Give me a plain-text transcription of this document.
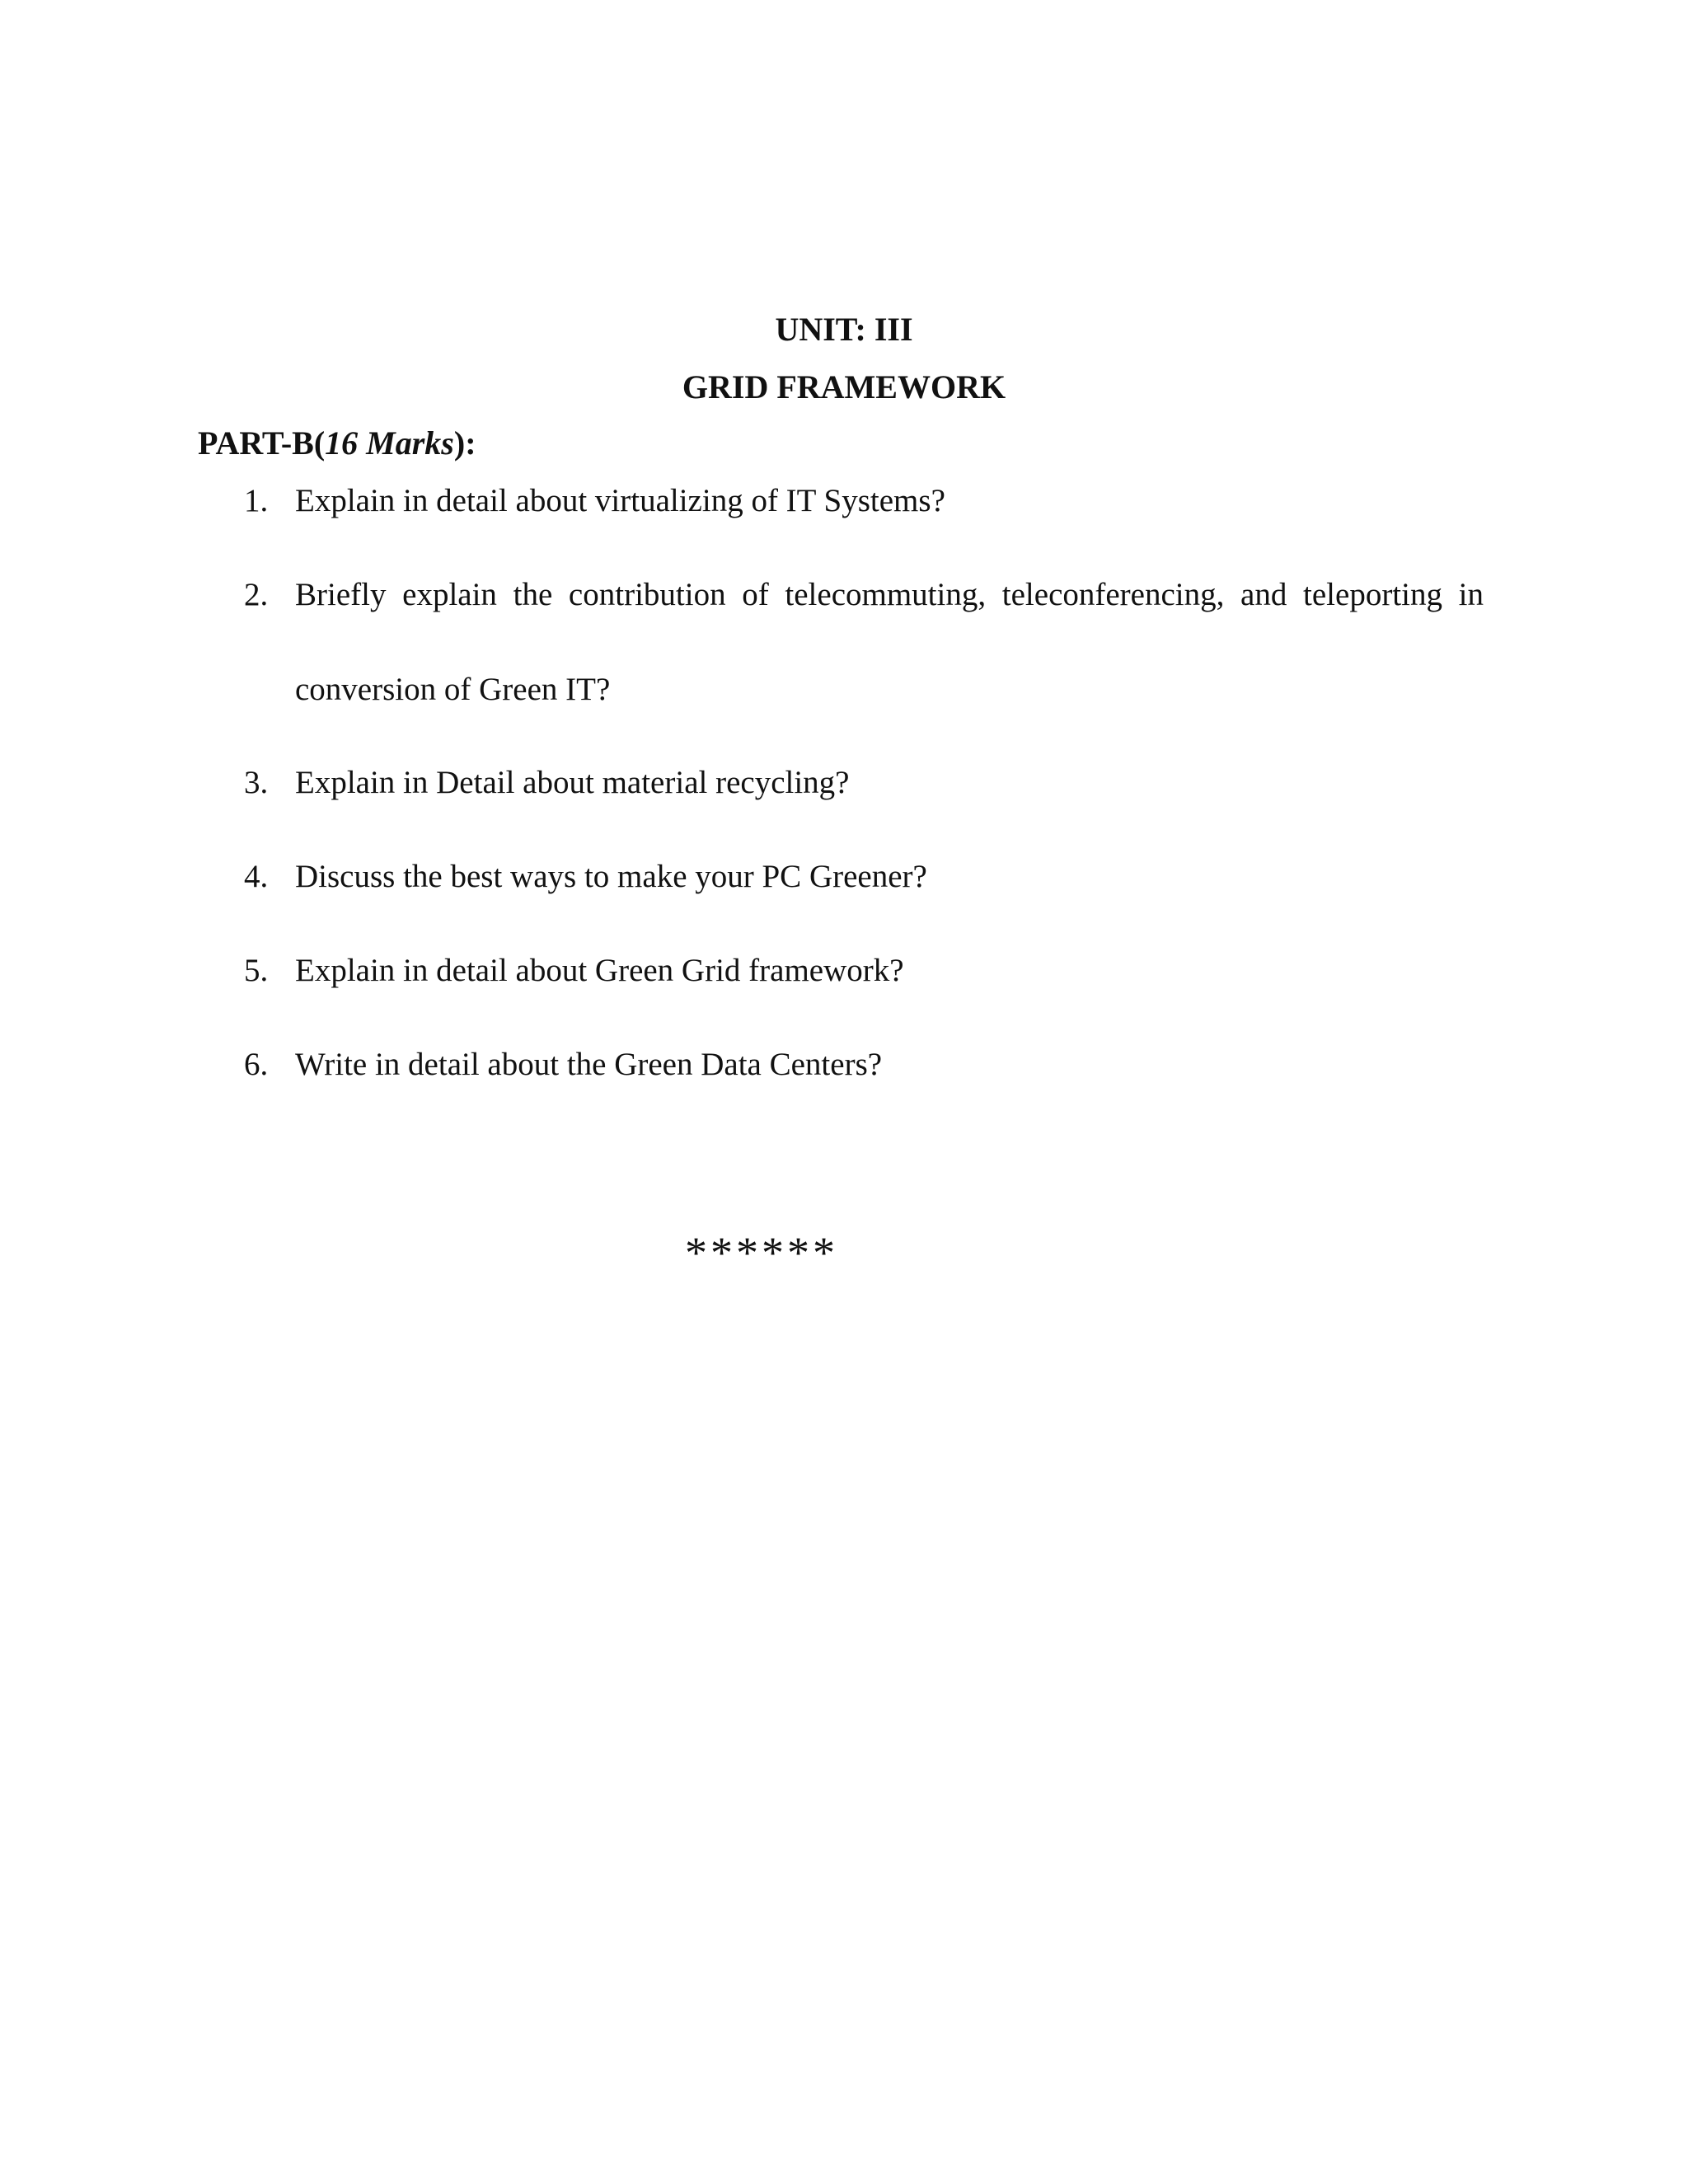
UNIT: III
GRID FRAMEWORK
PART-B(16 Marks):
1. Explain in detail about virtualizing of IT Systems?
2. Briefly explain the contribution of telecommuting, teleconferencing, and teleporting in conversion of Green IT?
3. Explain in Detail about material recycling?
4. Discuss the best ways to make your PC Greener?
5. Explain in detail about Green Grid framework?
6. Write in detail about the Green Data Centers?
******
